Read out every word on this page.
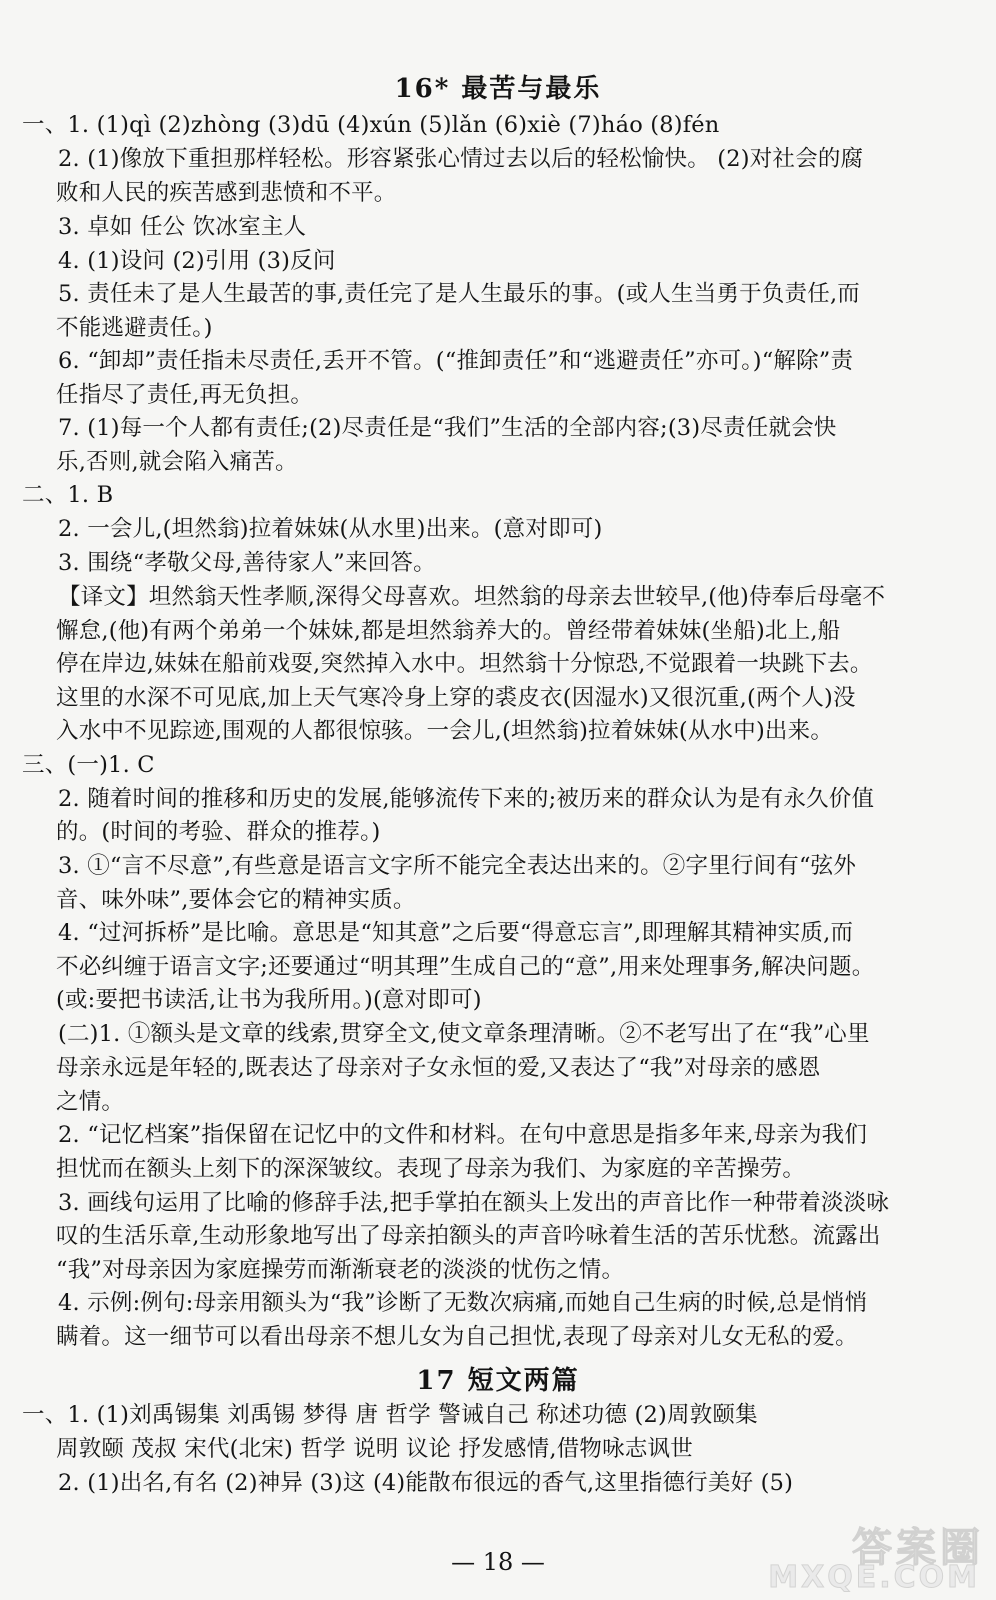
16* 最苦与最乐
一、1. (1)qì (2)zhòng (3)dū (4)xún (5)lǎn (6)xiè (7)háo (8)fén
2. (1)像放下重担那样轻松。形容紧张心情过去以后的轻松愉快。 (2)对社会的腐
败和人民的疾苦感到悲愤和不平。
3. 卓如 任公 饮冰室主人
4. (1)设问 (2)引用 (3)反问
5. 责任未了是人生最苦的事,责任完了是人生最乐的事。(或人生当勇于负责任,而
不能逃避责任。)
6. “卸却”责任指未尽责任,丢开不管。(“推卸责任”和“逃避责任”亦可。)“解除”责
任指尽了责任,再无负担。
7. (1)每一个人都有责任;(2)尽责任是“我们”生活的全部内容;(3)尽责任就会快
乐,否则,就会陷入痛苦。
二、1. B
2. 一会儿,(坦然翁)拉着妹妹(从水里)出来。(意对即可)
3. 围绕“孝敬父母,善待家人”来回答。
【译文】坦然翁天性孝顺,深得父母喜欢。坦然翁的母亲去世较早,(他)侍奉后母毫不
懈怠,(他)有两个弟弟一个妹妹,都是坦然翁养大的。曾经带着妹妹(坐船)北上,船
停在岸边,妹妹在船前戏耍,突然掉入水中。坦然翁十分惊恐,不觉跟着一块跳下去。
这里的水深不可见底,加上天气寒冷身上穿的裘皮衣(因湿水)又很沉重,(两个人)没
入水中不见踪迹,围观的人都很惊骇。一会儿,(坦然翁)拉着妹妹(从水中)出来。
三、(一)1. C
2. 随着时间的推移和历史的发展,能够流传下来的;被历来的群众认为是有永久价值
的。(时间的考验、群众的推荐。)
3. ①“言不尽意”,有些意是语言文字所不能完全表达出来的。②字里行间有“弦外
音、味外味”,要体会它的精神实质。
4. “过河拆桥”是比喻。意思是“知其意”之后要“得意忘言”,即理解其精神实质,而
不必纠缠于语言文字;还要通过“明其理”生成自己的“意”,用来处理事务,解决问题。
(或:要把书读活,让书为我所用。)(意对即可)
(二)1. ①额头是文章的线索,贯穿全文,使文章条理清晰。②不老写出了在“我”心里
母亲永远是年轻的,既表达了母亲对子女永恒的爱,又表达了“我”对母亲的感恩
之情。
2. “记忆档案”指保留在记忆中的文件和材料。在句中意思是指多年来,母亲为我们
担忧而在额头上刻下的深深皱纹。表现了母亲为我们、为家庭的辛苦操劳。
3. 画线句运用了比喻的修辞手法,把手掌拍在额头上发出的声音比作一种带着淡淡咏
叹的生活乐章,生动形象地写出了母亲拍额头的声音吟咏着生活的苦乐忧愁。流露出
“我”对母亲因为家庭操劳而渐渐衰老的淡淡的忧伤之情。
4. 示例:例句:母亲用额头为“我”诊断了无数次病痛,而她自己生病的时候,总是悄悄
瞒着。这一细节可以看出母亲不想儿女为自己担忧,表现了母亲对儿女无私的爱。
17 短文两篇
一、1. (1)刘禹锡集 刘禹锡 梦得 唐 哲学 警诫自己 称述功德 (2)周敦颐集
周敦颐 茂叔 宋代(北宋) 哲学 说明 议论 抒发感情,借物咏志讽世
2. (1)出名,有名 (2)神异 (3)这 (4)能散布很远的香气,这里指德行美好 (5)
— 18 —	答案圈
MXQE.COM
